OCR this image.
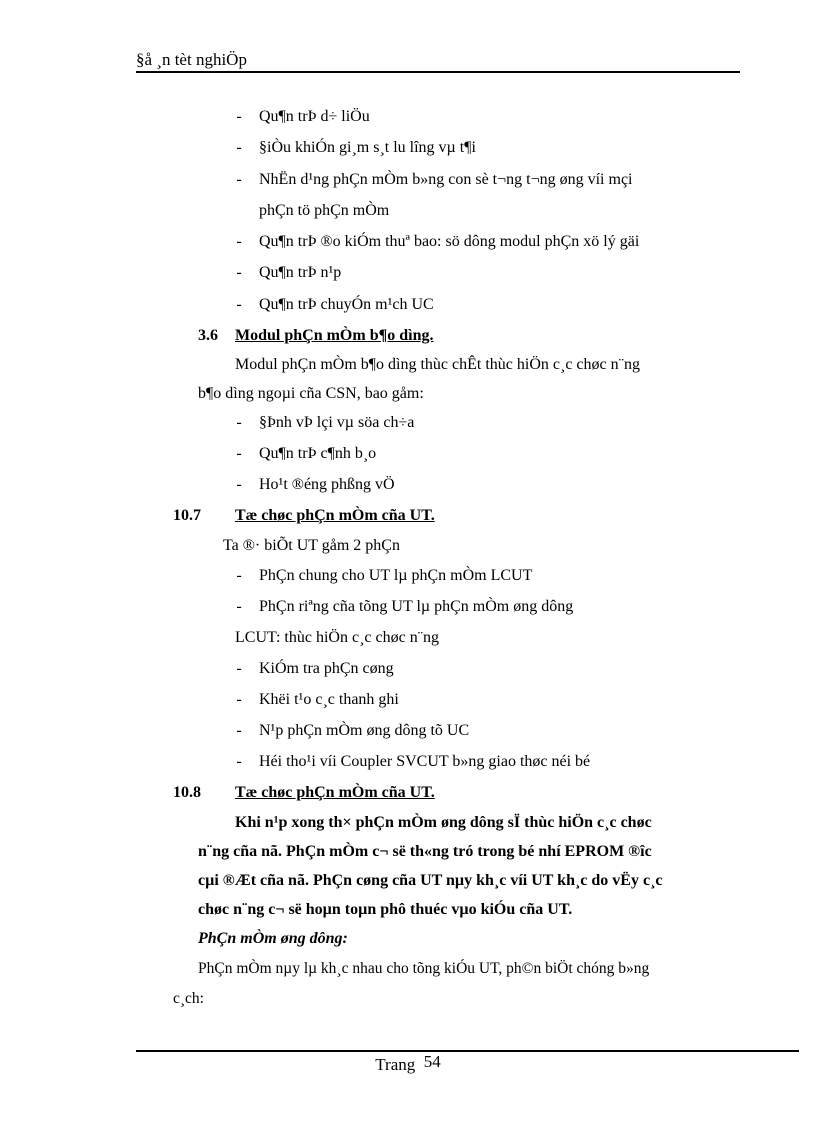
§å ¸n tèt nghiÖp
- Qu¶n trÞ d÷ liÖu
- §iÒu khiÓn gi¸m s¸t lu lîng vµ t¶i
- NhËn d¹ng phÇn mÒm b»ng con sè t¬ng t¬ng øng víi mçi
phÇn tö phÇn mÒm
- Qu¶n trÞ ®o kiÓm thuª bao: sö dông modul phÇn xö lý gäi
- Qu¶n trÞ n¹p
- Qu¶n trÞ chuyÓn m¹ch UC
3.6 Modul phÇn mÒm b¶o dìng.
Modul phÇn mÒm b¶o dìng thùc chÊt thùc hiÖn c¸c chøc n¨ng
b¶o dìng ngoµi cña CSN, bao gåm:
- §Þnh vÞ lçi vµ söa ch÷a
- Qu¶n trÞ c¶nh b¸o
- Ho¹t ®éng phßng vÖ
10.7 Tæ chøc phÇn mÒm cña UT.
Ta ®· biÕt UT gåm 2 phÇn
- PhÇn chung cho UT lµ phÇn mÒm LCUT
- PhÇn riªng cña tõng UT lµ phÇn mÒm øng dông
LCUT: thùc hiÖn c¸c chøc n¨ng
- KiÓm tra phÇn cøng
- Khëi t¹o c¸c thanh ghi
- N¹p phÇn mÒm øng dông tõ UC
- Héi tho¹i víi Coupler SVCUT b»ng giao thøc néi bé
10.8 Tæ chøc phÇn mÒm cña UT.
Khi n¹p xong th× phÇn mÒm øng dông sÏ thùc hiÖn c¸c chøc
n¨ng cña nã. PhÇn mÒm c¬ së th«ng tró trong bé nhí EPROM ®îc
cµi ®Æt cña nã. PhÇn cøng cña UT nµy kh¸c víi UT kh¸c do vËy c¸c
chøc n¨ng c¬ së hoµn toµn phô thuéc vµo kiÓu cña UT.
PhÇn mÒm øng dông:
PhÇn mÒm nµy lµ kh¸c nhau cho tõng kiÓu UT, ph©n biÖt chóng b»ng
c¸ch:
Trang 54
